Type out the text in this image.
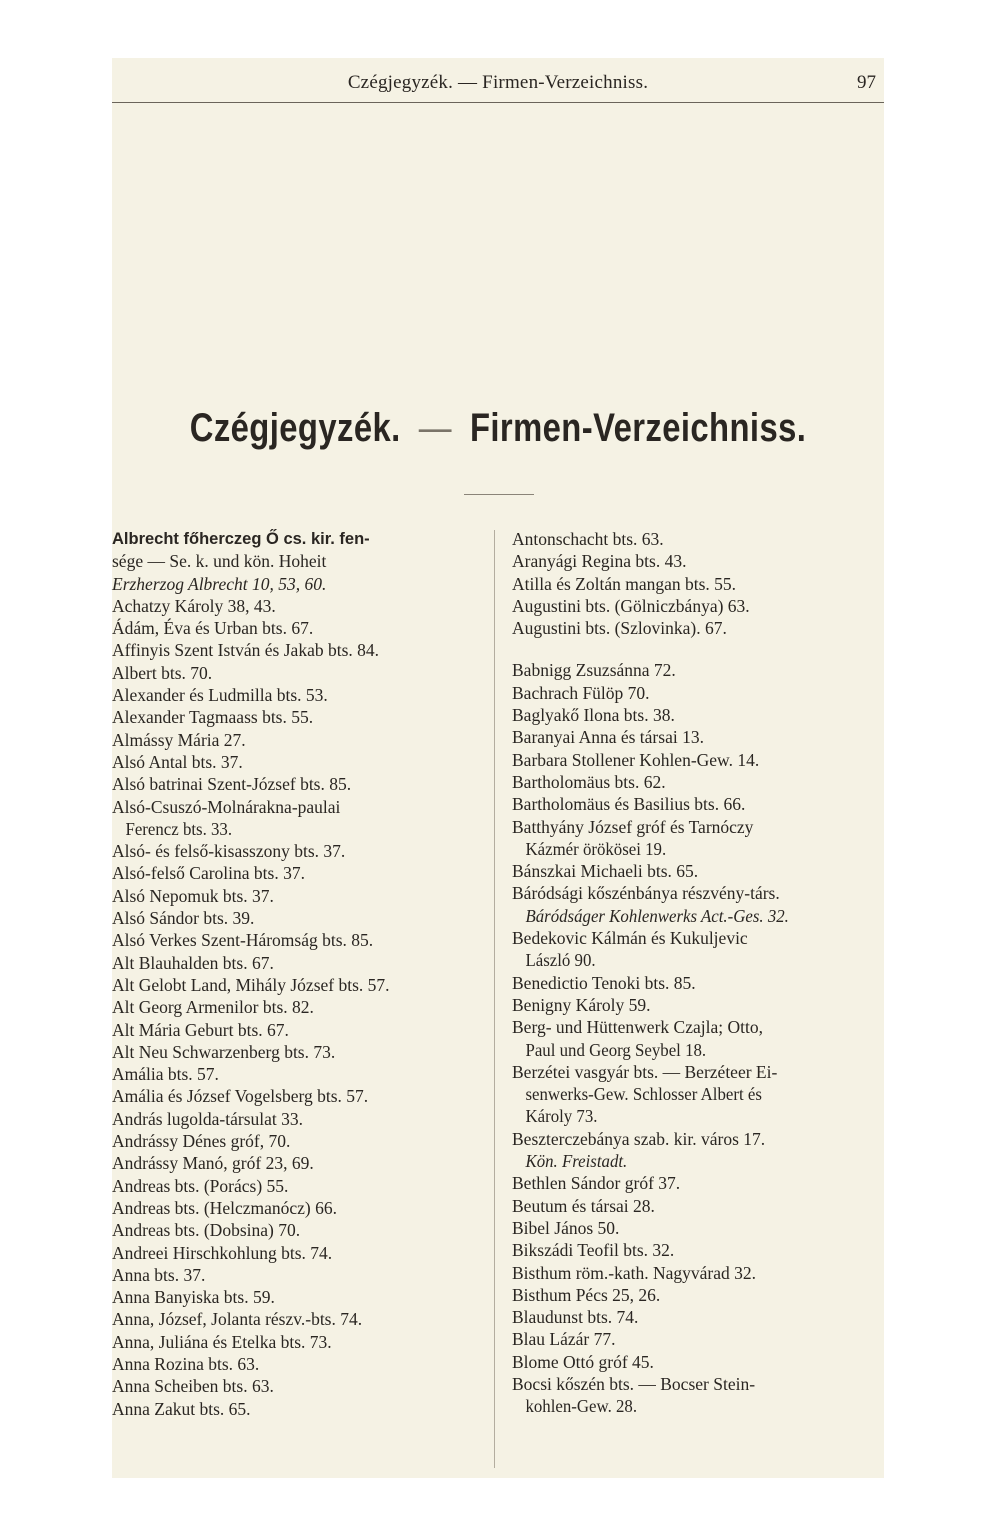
Czégjegyzék. — Firmen-Verzeichniss.	97
Czégjegyzék. — Firmen-Verzeichniss.
Albrecht főherczeg Ő cs. kir. fen-
sége — Se. k. und kön. Hoheit
Erzherzog Albrecht 10, 53, 60.
Achatzy Károly 38, 43.
Ádám, Éva és Urban bts. 67.
Affinyis Szent István és Jakab bts. 84.
Albert bts. 70.
Alexander és Ludmilla bts. 53.
Alexander Tagmaass bts. 55.
Almássy Mária 27.
Alsó Antal bts. 37.
Alsó batrinai Szent-József bts. 85.
Alsó-Csuszó-Molnárakna-paulai
Ferencz bts. 33.
Alsó- és felső-kisasszony bts. 37.
Alsó-felső Carolina bts. 37.
Alsó Nepomuk bts. 37.
Alsó Sándor bts. 39.
Alsó Verkes Szent-Háromság bts. 85.
Alt Blauhalden bts. 67.
Alt Gelobt Land, Mihály József bts. 57.
Alt Georg Armenilor bts. 82.
Alt Mária Geburt bts. 67.
Alt Neu Schwarzenberg bts. 73.
Amália bts. 57.
Amália és József Vogelsberg bts. 57.
András lugolda-társulat 33.
Andrássy Dénes gróf, 70.
Andrássy Manó, gróf 23, 69.
Andreas bts. (Porács) 55.
Andreas bts. (Helczmanócz) 66.
Andreas bts. (Dobsina) 70.
Andreei Hirschkohlung bts. 74.
Anna bts. 37.
Anna Banyiska bts. 59.
Anna, József, Jolanta részv.-bts. 74.
Anna, Juliána és Etelka bts. 73.
Anna Rozina bts. 63.
Anna Scheiben bts. 63.
Anna Zakut bts. 65.
Antonschacht bts. 63.
Aranyági Regina bts. 43.
Atilla és Zoltán mangan bts. 55.
Augustini bts. (Gölniczbánya) 63.
Augustini bts. (Szlovinka). 67.
Babnigg Zsuzsánna 72.
Bachrach Fülöp 70.
Baglyakő Ilona bts. 38.
Baranyai Anna és társai 13.
Barbara Stollener Kohlen-Gew. 14.
Bartholomäus bts. 62.
Bartholomäus és Basilius bts. 66.
Batthyány József gróf és Tarnóczy
Kázmér örökösei 19.
Bánszkai Michaeli bts. 65.
Báródsági kőszénbánya részvény-társ.
Báródságer Kohlenwerks Act.-Ges. 32.
Bedekovic Kálmán és Kukuljevic
László 90.
Benedictio Tenoki bts. 85.
Benigny Károly 59.
Berg- und Hüttenwerk Czajla; Otto,
Paul und Georg Seybel 18.
Berzétei vasgyár bts. — Berzéteer Ei-
senwerks-Gew. Schlosser Albert és
Károly 73.
Beszterczebánya szab. kir. város 17.
Kön. Freistadt.
Bethlen Sándor gróf 37.
Beutum és társai 28.
Bibel János 50.
Bikszádi Teofil bts. 32.
Bisthum röm.-kath. Nagyvárad 32.
Bisthum Pécs 25, 26.
Blaudunst bts. 74.
Blau Lázár 77.
Blome Ottó gróf 45.
Bocsi kőszén bts. — Bocser Stein-
kohlen-Gew. 28.
